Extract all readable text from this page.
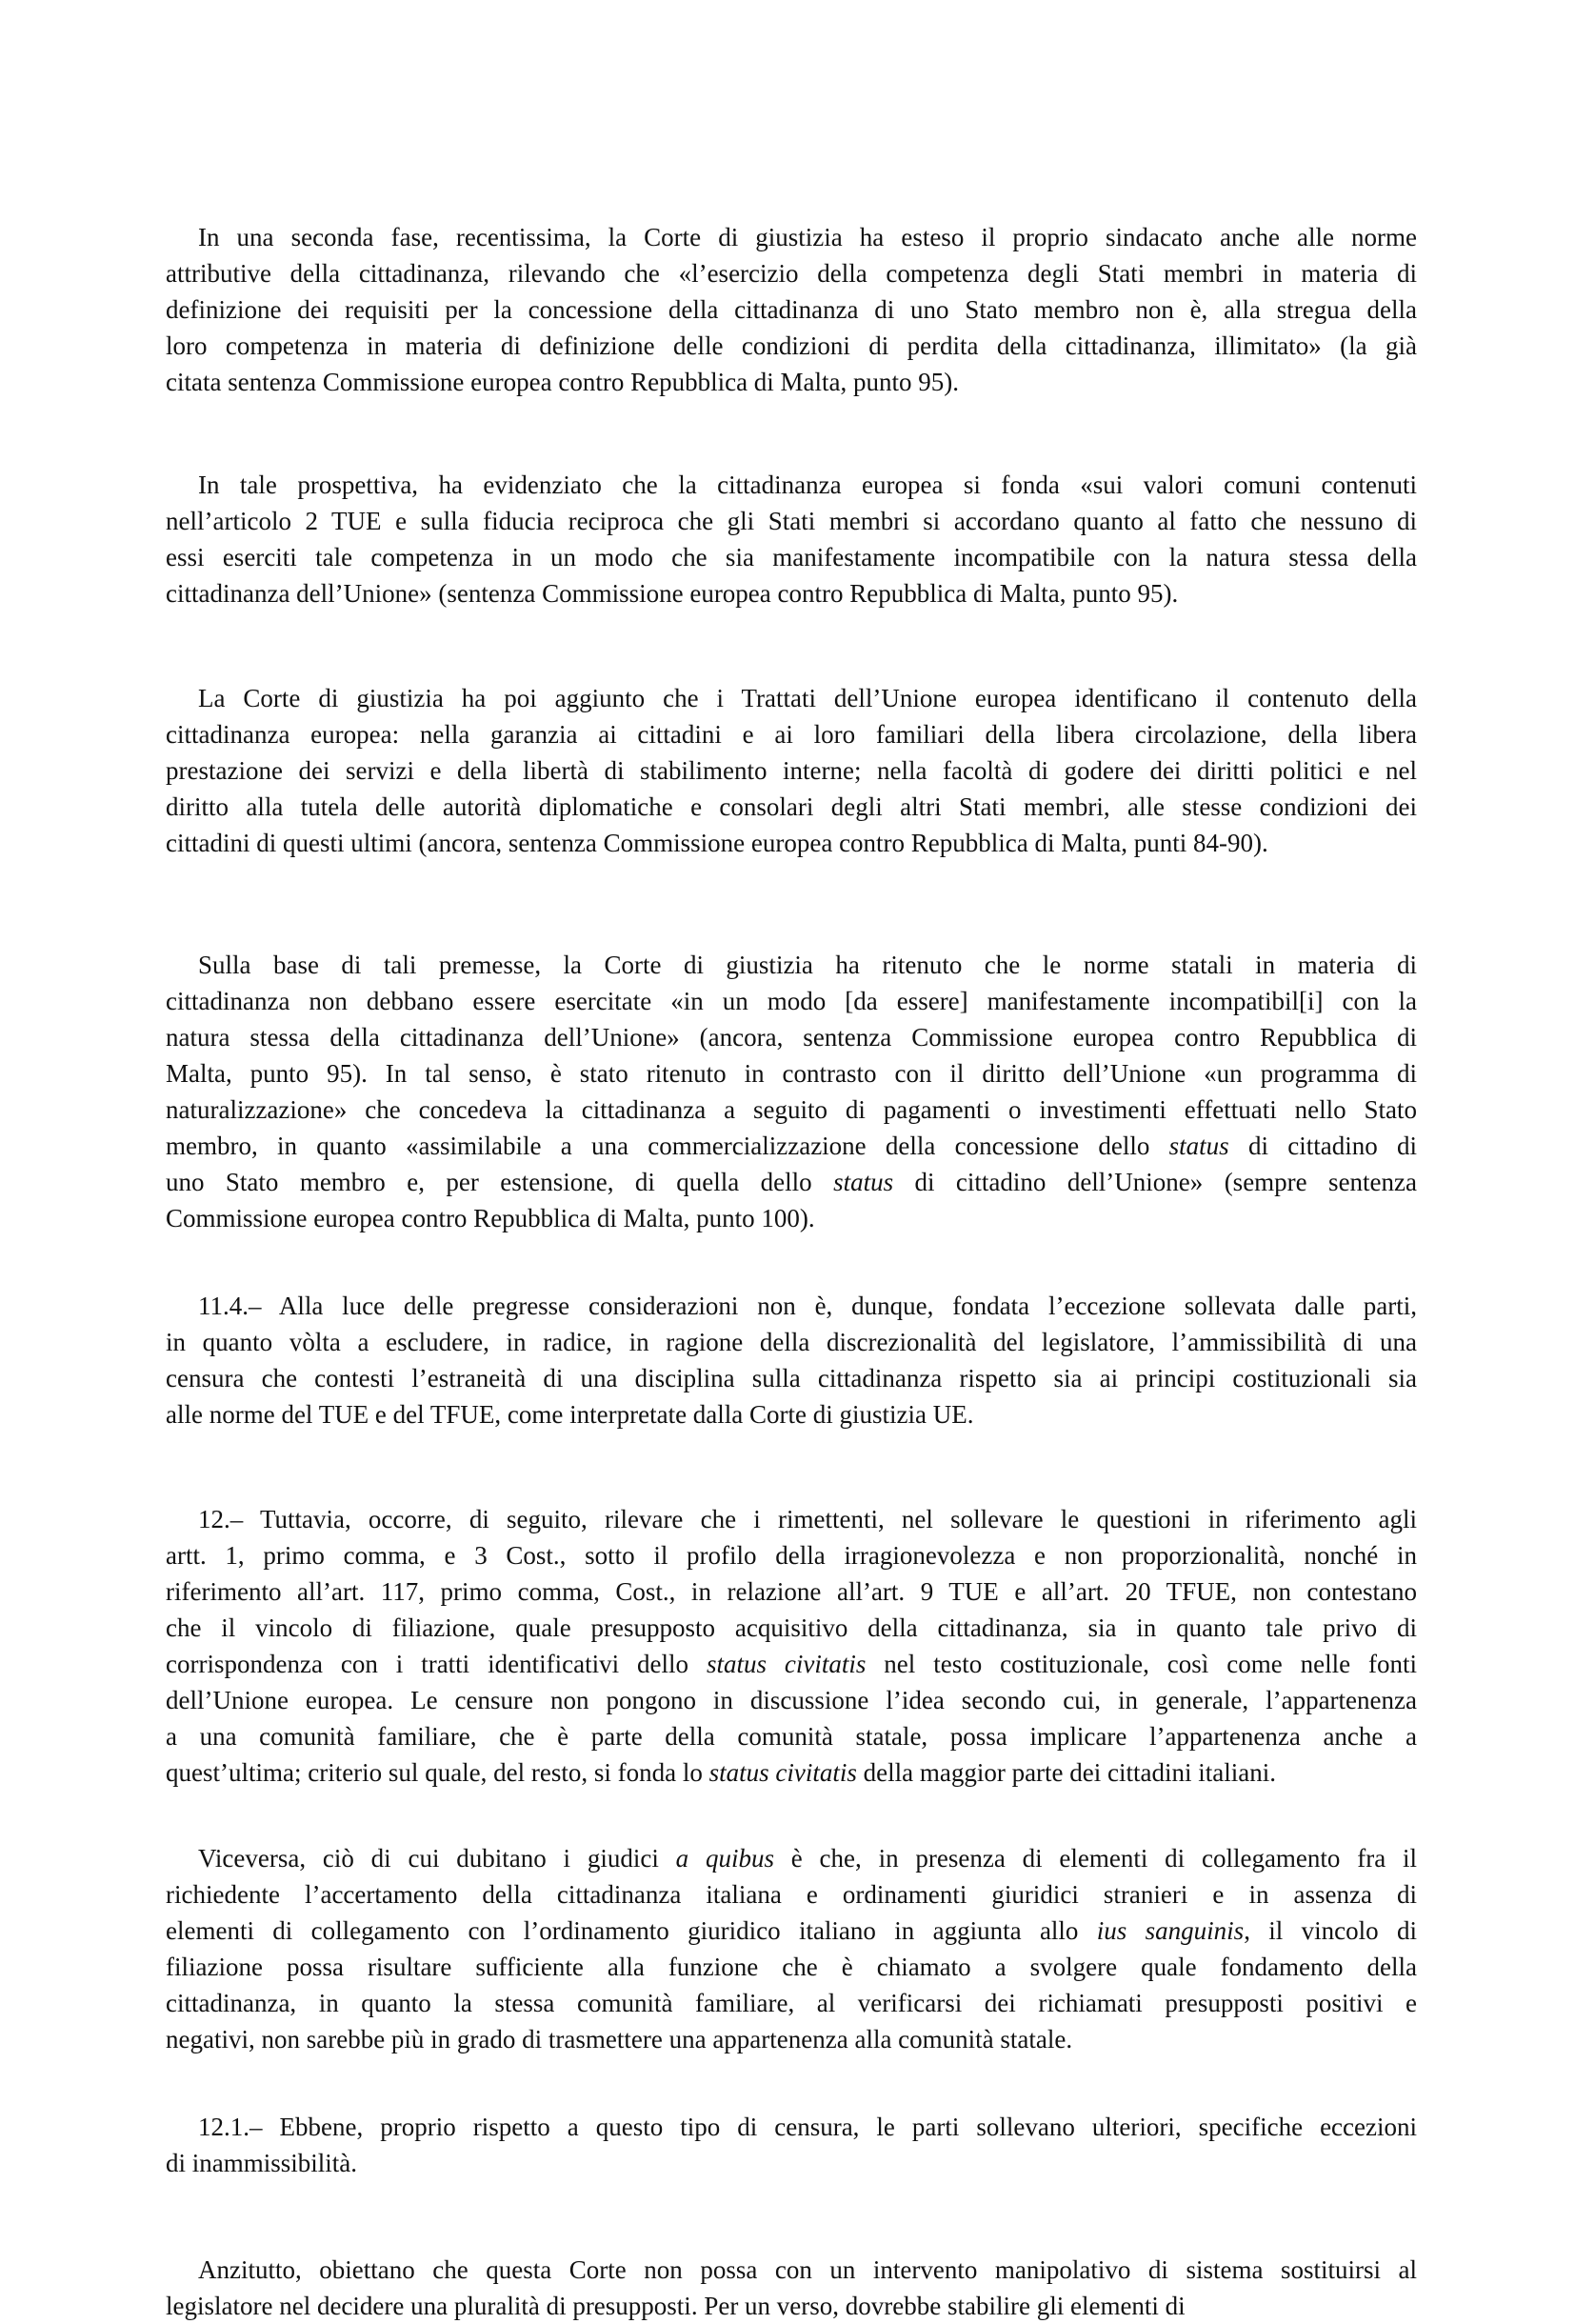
In una seconda fase, recentissima, la Corte di giustizia ha esteso il proprio sindacato anche alle norme
attributive della cittadinanza, rilevando che «l’esercizio della competenza degli Stati membri in materia di
definizione dei requisiti per la concessione della cittadinanza di uno Stato membro non è, alla stregua della
loro competenza in materia di definizione delle condizioni di perdita della cittadinanza, illimitato» (la già
citata sentenza Commissione europea contro Repubblica di Malta, punto 95).
In tale prospettiva, ha evidenziato che la cittadinanza europea si fonda «sui valori comuni contenuti
nell’articolo 2 TUE e sulla fiducia reciproca che gli Stati membri si accordano quanto al fatto che nessuno di
essi eserciti tale competenza in un modo che sia manifestamente incompatibile con la natura stessa della
cittadinanza dell’Unione» (sentenza Commissione europea contro Repubblica di Malta, punto 95).
La Corte di giustizia ha poi aggiunto che i Trattati dell’Unione europea identificano il contenuto della
cittadinanza europea: nella garanzia ai cittadini e ai loro familiari della libera circolazione, della libera
prestazione dei servizi e della libertà di stabilimento interne; nella facoltà di godere dei diritti politici e nel
diritto alla tutela delle autorità diplomatiche e consolari degli altri Stati membri, alle stesse condizioni dei
cittadini di questi ultimi (ancora, sentenza Commissione europea contro Repubblica di Malta, punti 84-90).
Sulla base di tali premesse, la Corte di giustizia ha ritenuto che le norme statali in materia di
cittadinanza non debbano essere esercitate «in un modo [da essere] manifestamente incompatibil[i] con la
natura stessa della cittadinanza dell’Unione» (ancora, sentenza Commissione europea contro Repubblica di
Malta, punto 95). In tal senso, è stato ritenuto in contrasto con il diritto dell’Unione «un programma di
naturalizzazione» che concedeva la cittadinanza a seguito di pagamenti o investimenti effettuati nello Stato
membro, in quanto «assimilabile a una commercializzazione della concessione dello status di cittadino di
uno Stato membro e, per estensione, di quella dello status di cittadino dell’Unione» (sempre sentenza
Commissione europea contro Repubblica di Malta, punto 100).
11.4.– Alla luce delle pregresse considerazioni non è, dunque, fondata l’eccezione sollevata dalle parti,
in quanto vòlta a escludere, in radice, in ragione della discrezionalità del legislatore, l’ammissibilità di una
censura che contesti l’estraneità di una disciplina sulla cittadinanza rispetto sia ai principi costituzionali sia
alle norme del TUE e del TFUE, come interpretate dalla Corte di giustizia UE.
12.– Tuttavia, occorre, di seguito, rilevare che i rimettenti, nel sollevare le questioni in riferimento agli
artt. 1, primo comma, e 3 Cost., sotto il profilo della irragionevolezza e non proporzionalità, nonché in
riferimento all’art. 117, primo comma, Cost., in relazione all’art. 9 TUE e all’art. 20 TFUE, non contestano
che il vincolo di filiazione, quale presupposto acquisitivo della cittadinanza, sia in quanto tale privo di
corrispondenza con i tratti identificativi dello status civitatis nel testo costituzionale, così come nelle fonti
dell’Unione europea. Le censure non pongono in discussione l’idea secondo cui, in generale, l’appartenenza
a una comunità familiare, che è parte della comunità statale, possa implicare l’appartenenza anche a
quest’ultima; criterio sul quale, del resto, si fonda lo status civitatis della maggior parte dei cittadini italiani.
Viceversa, ciò di cui dubitano i giudici a quibus è che, in presenza di elementi di collegamento fra il
richiedente l’accertamento della cittadinanza italiana e ordinamenti giuridici stranieri e in assenza di
elementi di collegamento con l’ordinamento giuridico italiano in aggiunta allo ius sanguinis, il vincolo di
filiazione possa risultare sufficiente alla funzione che è chiamato a svolgere quale fondamento della
cittadinanza, in quanto la stessa comunità familiare, al verificarsi dei richiamati presupposti positivi e
negativi, non sarebbe più in grado di trasmettere una appartenenza alla comunità statale.
12.1.– Ebbene, proprio rispetto a questo tipo di censura, le parti sollevano ulteriori, specifiche eccezioni
di inammissibilità.
Anzitutto, obiettano che questa Corte non possa con un intervento manipolativo di sistema sostituirsi al
legislatore nel decidere una pluralità di presupposti. Per un verso, dovrebbe stabilire gli elementi di
